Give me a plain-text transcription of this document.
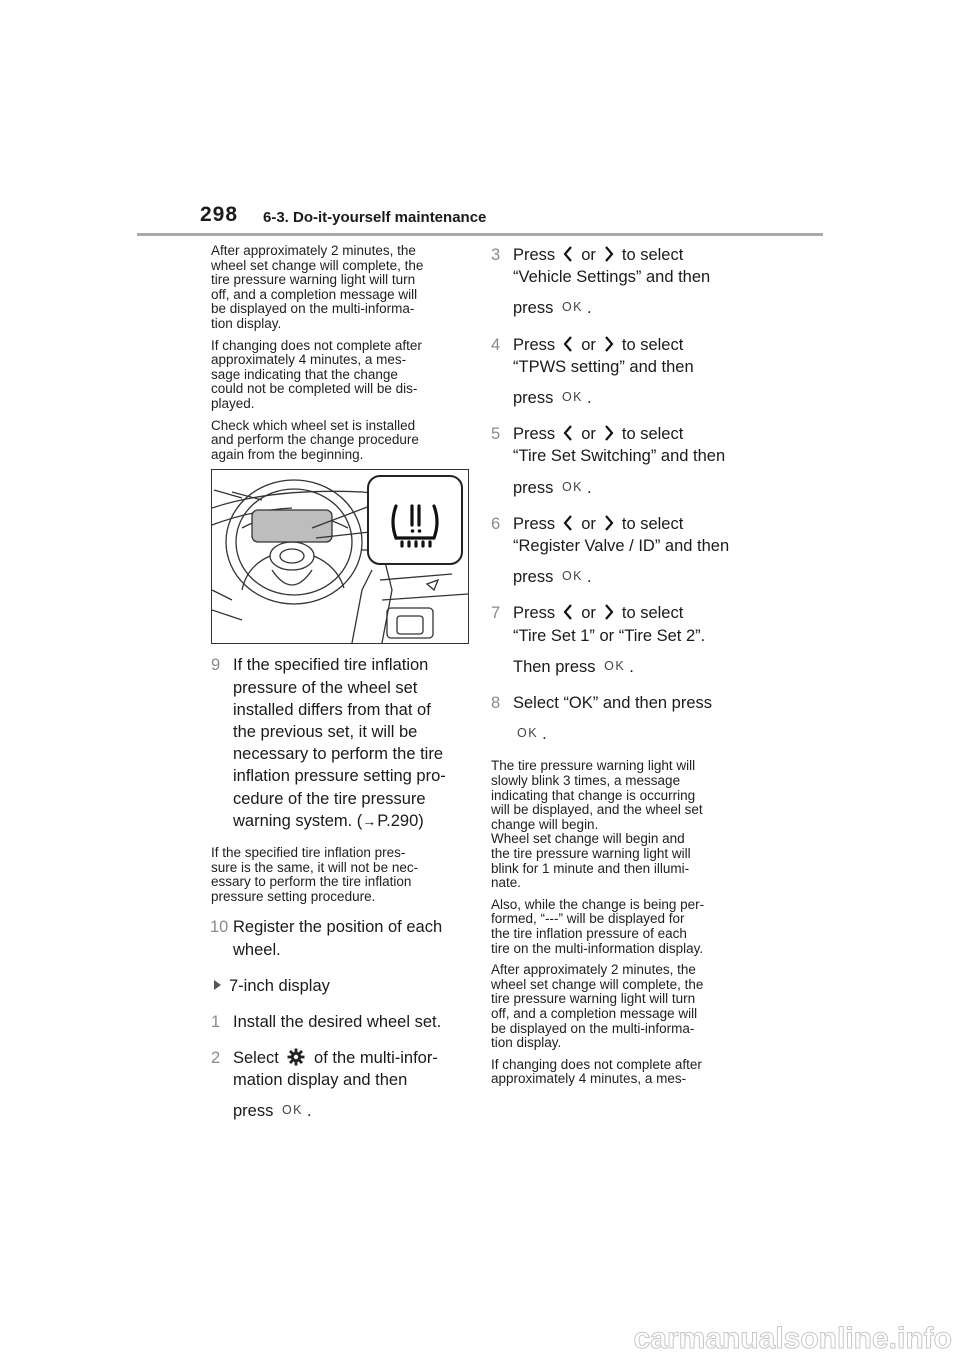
298 6-3. Do-it-yourself maintenance
After approximately 2 minutes, the
wheel set change will complete, the
tire pressure warning light will turn
off, and a completion message will
be displayed on the multi-informa-
tion display.
If changing does not complete after
approximately 4 minutes, a mes-
sage indicating that the change
could not be completed will be dis-
played.
Check which wheel set is installed
and perform the change procedure
again from the beginning.
9 If the specified tire inflation
pressure of the wheel set
installed differs from that of
the previous set, it will be
necessary to perform the tire
inflation pressure setting pro-
cedure of the tire pressure
warning system. (→P.290)
If the specified tire inflation pres-
sure is the same, it will not be nec-
essary to perform the tire inflation
pressure setting procedure.
10 Register the position of each
wheel.
7-inch display
1 Install the desired wheel set.
2 Select of the multi-infor-
mation display and then
press OK .
3 Press or to select
“Vehicle Settings” and then
press OK .
4 Press or to select
“TPWS setting” and then
press OK .
5 Press or to select
“Tire Set Switching” and then
press OK .
6 Press or to select
“Register Valve / ID” and then
press OK .
7 Press or to select
“Tire Set 1” or “Tire Set 2”.
Then press OK .
8 Select “OK” and then press
OK .
The tire pressure warning light will
slowly blink 3 times, a message
indicating that change is occurring
will be displayed, and the wheel set
change will begin.
Wheel set change will begin and
the tire pressure warning light will
blink for 1 minute and then illumi-
nate.
Also, while the change is being per-
formed, “---” will be displayed for
the tire inflation pressure of each
tire on the multi-information display.
After approximately 2 minutes, the
wheel set change will complete, the
tire pressure warning light will turn
off, and a completion message will
be displayed on the multi-informa-
tion display.
If changing does not complete after
approximately 4 minutes, a mes-
carmanualsonline.info
